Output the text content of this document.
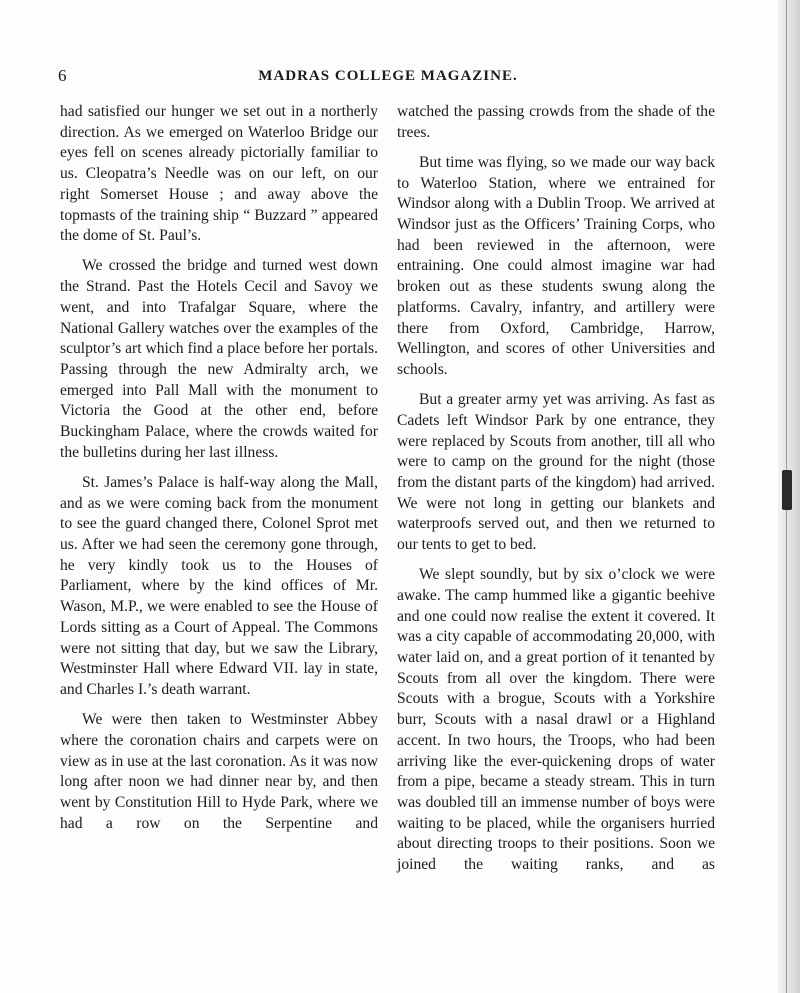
6	MADRAS COLLEGE MAGAZINE.

had satisfied our hunger we set out in a northerly direction. As we emerged on Waterloo Bridge our eyes fell on scenes already pictorially familiar to us. Cleopatra’s Needle was on our left, on our right Somerset House ; and away above the topmasts of the training ship “ Buzzard ” appeared the dome of St. Paul’s.

We crossed the bridge and turned west down the Strand. Past the Hotels Cecil and Savoy we went, and into Trafalgar Square, where the National Gallery watches over the examples of the sculptor’s art which find a place before her portals. Passing through the new Admiralty arch, we emerged into Pall Mall with the monument to Victoria the Good at the other end, before Buckingham Palace, where the crowds waited for the bulletins during her last illness.

St. James’s Palace is half-way along the Mall, and as we were coming back from the monument to see the guard changed there, Colonel Sprot met us. After we had seen the ceremony gone through, he very kindly took us to the Houses of Parliament, where by the kind offices of Mr. Wason, M.P., we were enabled to see the House of Lords sitting as a Court of Appeal. The Commons were not sitting that day, but we saw the Library, Westminster Hall where Edward VII. lay in state, and Charles I.’s death warrant.

We were then taken to Westminster Abbey where the coronation chairs and carpets were on view as in use at the last coronation. As it was now long after noon we had dinner near by, and then went by Constitution Hill to Hyde Park, where we had a row on the Serpentine and

watched the passing crowds from the shade of the trees.

But time was flying, so we made our way back to Waterloo Station, where we entrained for Windsor along with a Dublin Troop. We arrived at Windsor just as the Officers’ Training Corps, who had been reviewed in the afternoon, were entraining. One could almost imagine war had broken out as these students swung along the platforms. Cavalry, infantry, and artillery were there from Oxford, Cambridge, Harrow, Wellington, and scores of other Universities and schools.

But a greater army yet was arriving. As fast as Cadets left Windsor Park by one entrance, they were replaced by Scouts from another, till all who were to camp on the ground for the night (those from the distant parts of the kingdom) had arrived. We were not long in getting our blankets and waterproofs served out, and then we returned to our tents to get to bed.

We slept soundly, but by six o’clock we were awake. The camp hummed like a gigantic beehive and one could now realise the extent it covered. It was a city capable of accommodating 20,000, with water laid on, and a great portion of it tenanted by Scouts from all over the kingdom. There were Scouts with a brogue, Scouts with a Yorkshire burr, Scouts with a nasal drawl or a Highland accent. In two hours, the Troops, who had been arriving like the ever-quickening drops of water from a pipe, became a steady stream. This in turn was doubled till an immense number of boys were waiting to be placed, while the organisers hurried about directing troops to their positions. Soon we joined the waiting ranks, and as
